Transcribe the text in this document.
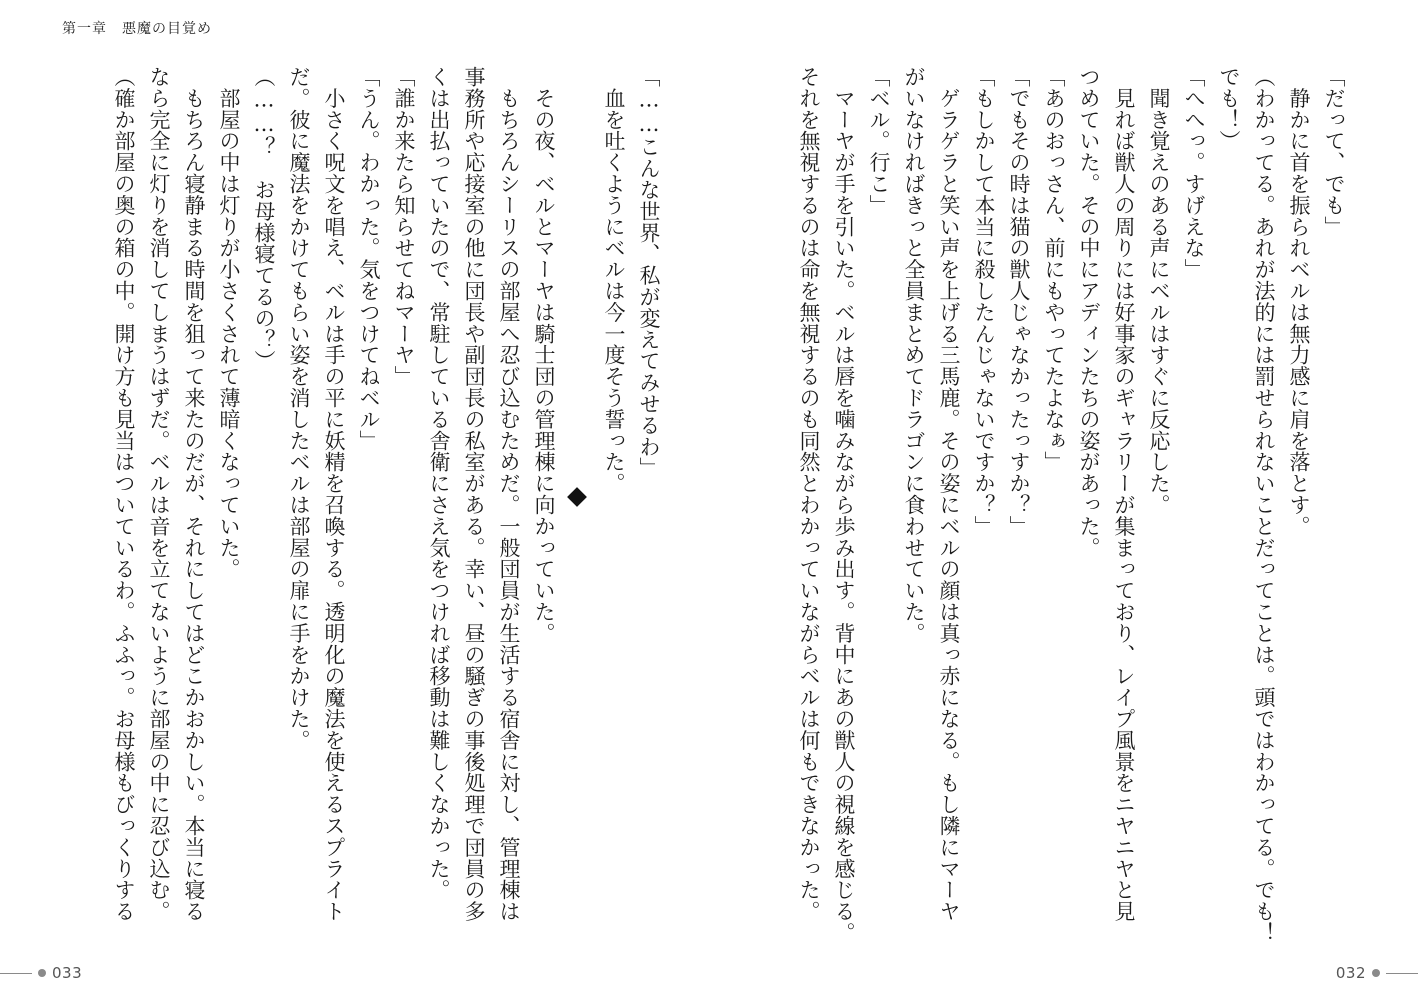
第一章　悪魔の目覚め
「だって、でも」
　静かに首を振られベルは無力感に肩を落とす。
（わかってる。あれが法的には罰せられないことだってことは。頭ではわかってる。でも！
でも！）
「へへっ。すげえな」
　聞き覚えのある声にベルはすぐに反応した。
　見れば獣人の周りには好事家のギャラリーが集まっており、レイプ風景をニヤニヤと見
つめていた。その中にアディンたちの姿があった。
「あのおっさん、前にもやってたよなぁ」
「でもその時は猫の獣人じゃなかったっすか？」
「もしかして本当に殺したんじゃないですか？」
　ゲラゲラと笑い声を上げる三馬鹿。その姿にベルの顔は真っ赤になる。もし隣にマーヤ
がいなければきっと全員まとめてドラゴンに食わせていた。
「ベル。行こ」
　マーヤが手を引いた。ベルは唇を噛みながら歩み出す。背中にあの獣人の視線を感じる。
それを無視するのは命を無視するのも同然とわかっていながらベルは何もできなかった。
「……こんな世界、私が変えてみせるわ」
　血を吐くようにベルは今一度そう誓った。
　その夜、ベルとマーヤは騎士団の管理棟に向かっていた。
　もちろんシーリスの部屋へ忍び込むためだ。一般団員が生活する宿舎に対し、管理棟は
事務所や応接室の他に団長や副団長の私室がある。幸い、昼の騒ぎの事後処理で団員の多
くは出払っていたので、常駐している舎衛にさえ気をつければ移動は難しくなかった。
「誰か来たら知らせてねマーヤ」
「うん。わかった。気をつけてねベル」
　小さく呪文を唱え、ベルは手の平に妖精を召喚する。透明化の魔法を使えるスプライト
だ。彼に魔法をかけてもらい姿を消したベルは部屋の扉に手をかけた。
（……？　お母様寝てるの？）
　部屋の中は灯りが小さくされて薄暗くなっていた。
　もちろん寝静まる時間を狙って来たのだが、それにしてはどこかおかしい。本当に寝る
なら完全に灯りを消してしまうはずだ。ベルは音を立てないように部屋の中に忍び込む。
（確か部屋の奥の箱の中。開け方も見当はついているわ。ふふっ。お母様もびっくりする
033	032
